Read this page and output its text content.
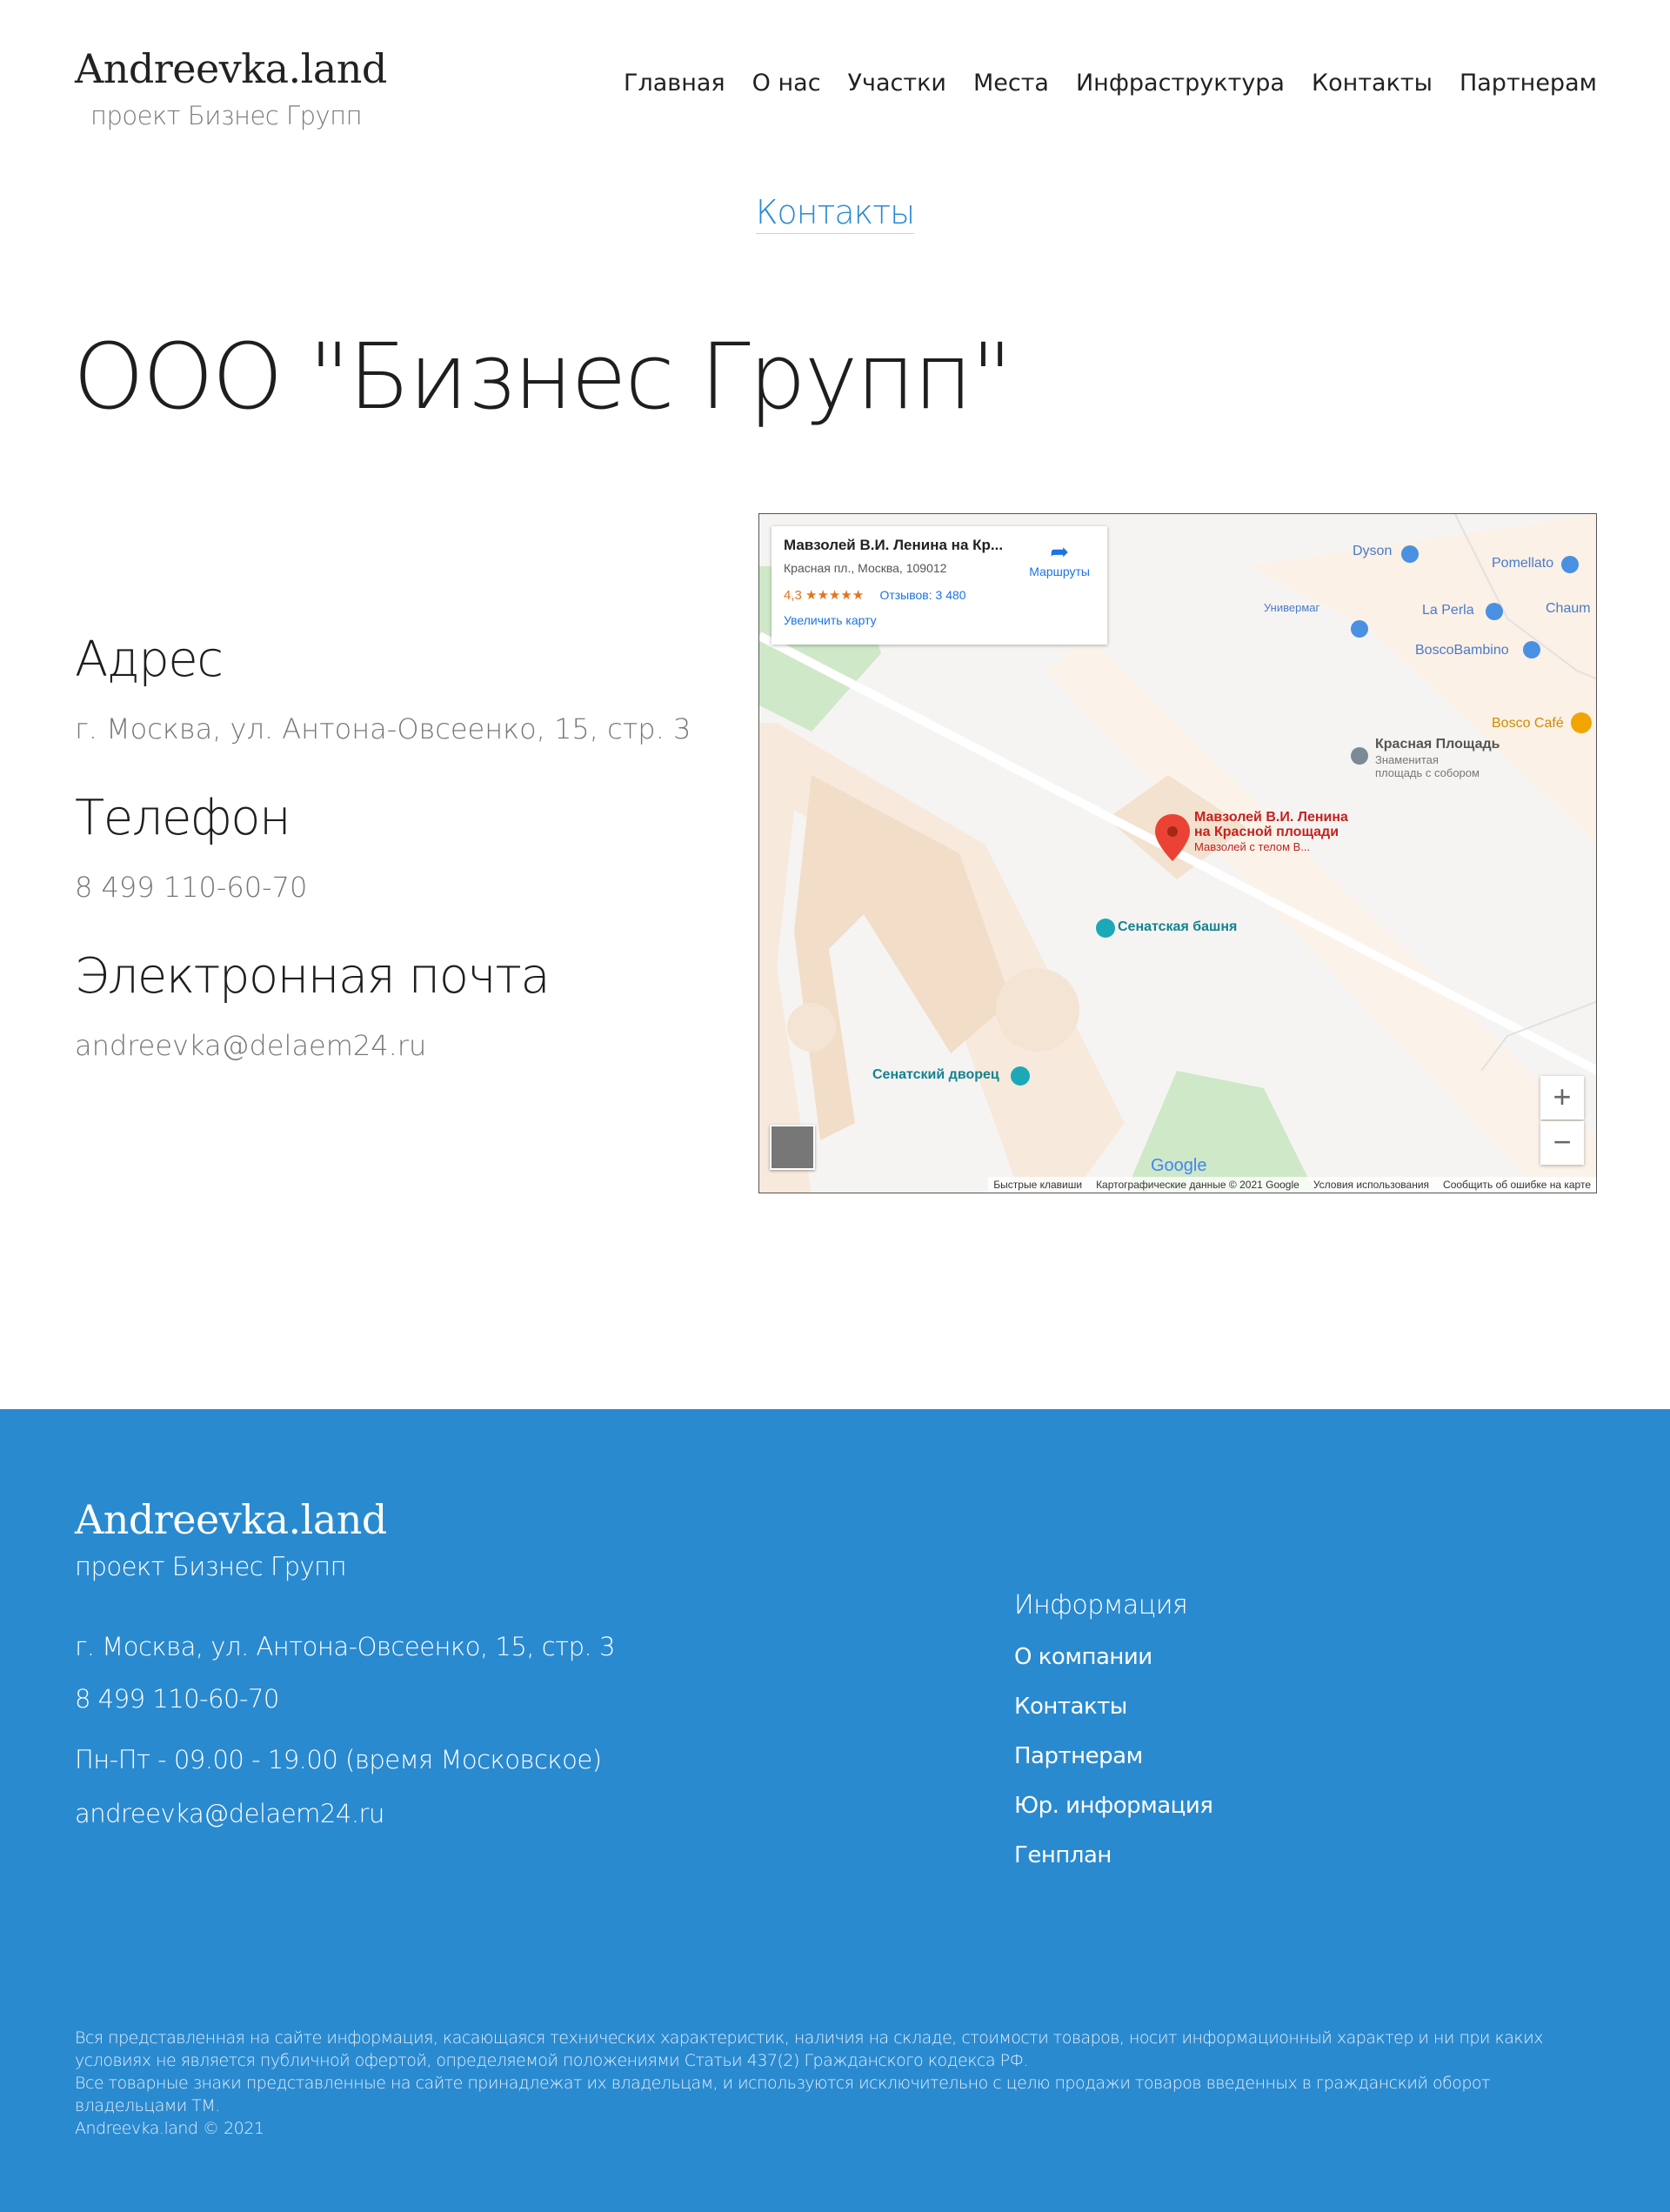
Andreevka.land
проект Бизнес Групп
Главная О нас Участки Места Инфраструктура Контакты Партнерам
Контакты
ООО "Бизнес Групп"
Адрес
г. Москва, ул. Антона-Овсеенко, 15, стр. 3
Телефон
8 499 110-60-70
Электронная почта
andreevka@delaem24.ru
Мавзолей В.И. Ленина на Кр...
Красная пл., Москва, 109012
4,3 ★★★★★ Отзывов: 3 480
Увеличить карту
➦
Маршруты
Dyson
Pomellato
Универмаг	La Perla	Chaum
BoscoBambino
Bosco Café
Красная Площадь
Знаменитая
площадь с собором
Мавзолей В.И. Ленина
на Красной площади
Мавзолей с телом В...
Сенатская башня
Сенатский дворец
+
−
Google
Быстрые клавиши Картографические данные © 2021 Google Условия использования Сообщить об ошибке на карте
Andreevka.land
проект Бизнес Групп
г. Москва, ул. Антона-Овсеенко, 15, стр. 3
8 499 110-60-70
Пн-Пт - 09.00 - 19.00 (время Московское)
andreevka@delaem24.ru
Информация
О компании
Контакты
Партнерам
Юр. информация
Генплан
Вся представленная на сайте информация, касающаяся технических характеристик, наличия на складе, стоимости товаров, носит информационный характер и ни при каких условиях не является публичной офертой, определяемой положениями Статьи 437(2) Гражданского кодекса РФ.
Все товарные знаки представленные на сайте принадлежат их владельцам, и используются исключительно с целю продажи товаров введенных в гражданский оборот владельцами ТМ.
Andreevka.land © 2021
